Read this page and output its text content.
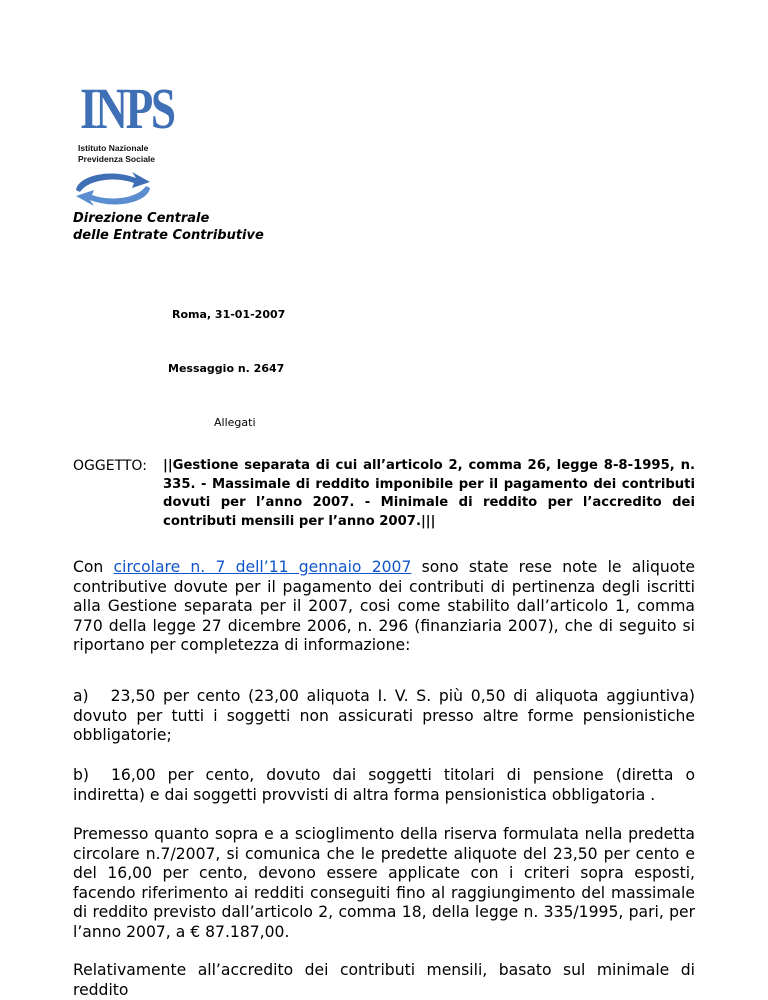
INPS
Istituto Nazionale
Previdenza Sociale
Direzione Centrale
delle Entrate Contributive
Roma, 31-01-2007
Messaggio n. 2647
Allegati
OGGETTO: ||Gestione separata di cui all’articolo 2, comma 26, legge 8-8-1995, n. 335. - Massimale di reddito imponibile per il pagamento dei contributi dovuti per l’anno 2007. - Minimale di reddito per l’accredito dei contributi mensili per l’anno 2007.|||

Con circolare n. 7 dell’11 gennaio 2007 sono state rese note le aliquote contributive dovute per il pagamento dei contributi di pertinenza degli iscritti alla Gestione separata per il 2007, cosi come stabilito dall’articolo 1, comma 770 della legge 27 dicembre 2006, n. 296 (finanziaria 2007), che di seguito si riportano per completezza di informazione:

a) 23,50 per cento (23,00 aliquota I. V. S. più 0,50 di aliquota aggiuntiva) dovuto per tutti i soggetti non assicurati presso altre forme pensionistiche obbligatorie;

b) 16,00 per cento, dovuto dai soggetti titolari di pensione (diretta o indiretta) e dai soggetti provvisti di altra forma pensionistica obbligatoria .

Premesso quanto sopra e a scioglimento della riserva formulata nella predetta circolare n.7/2007, si comunica che le predette aliquote del 23,50 per cento e del 16,00 per cento, devono essere applicate con i criteri sopra esposti, facendo riferimento ai redditi conseguiti fino al raggiungimento del massimale di reddito previsto dall’articolo 2, comma 18, della legge n. 335/1995, pari, per l’anno 2007, a € 87.187,00.

Relativamente all’accredito dei contributi mensili, basato sul minimale di reddito
